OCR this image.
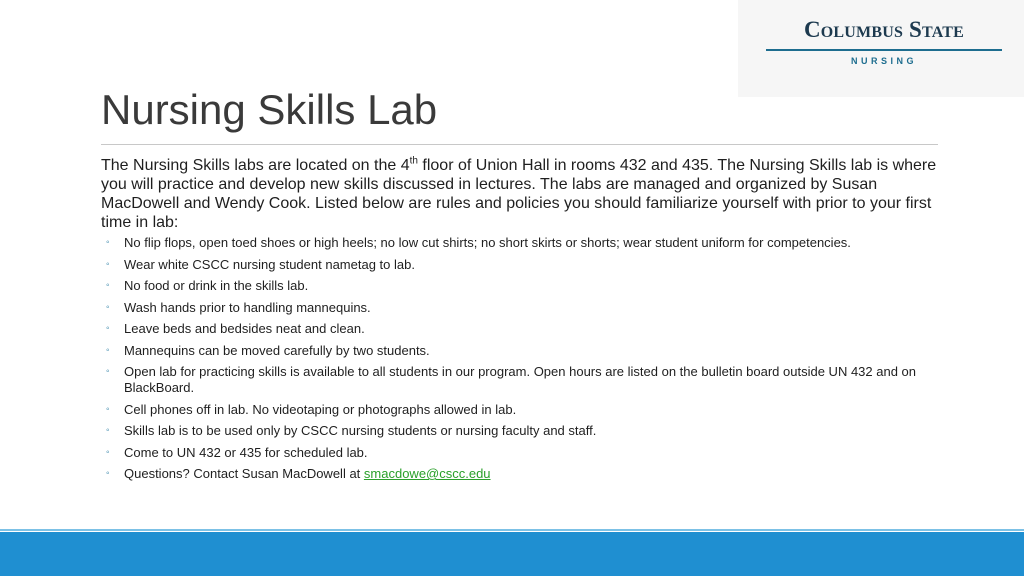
Columbus State
NURSING
Nursing Skills Lab

The Nursing Skills labs are located on the 4th floor of Union Hall in rooms 432 and 435. The Nursing Skills lab is where you will practice and develop new skills discussed in lectures. The labs are managed and organized by Susan MacDowell and Wendy Cook. Listed below are rules and policies you should familiarize yourself with prior to your first time in lab:

◦ No flip flops, open toed shoes or high heels; no low cut shirts; no short skirts or shorts; wear student uniform for competencies.
◦ Wear white CSCC nursing student nametag to lab.
◦ No food or drink in the skills lab.
◦ Wash hands prior to handling mannequins.
◦ Leave beds and bedsides neat and clean.
◦ Mannequins can be moved carefully by two students.
◦ Open lab for practicing skills is available to all students in our program. Open hours are listed on the bulletin board outside UN 432 and on BlackBoard.
◦ Cell phones off in lab. No videotaping or photographs allowed in lab.
◦ Skills lab is to be used only by CSCC nursing students or nursing faculty and staff.
◦ Come to UN 432 or 435 for scheduled lab.
◦ Questions? Contact Susan MacDowell at smacdowe@cscc.edu
